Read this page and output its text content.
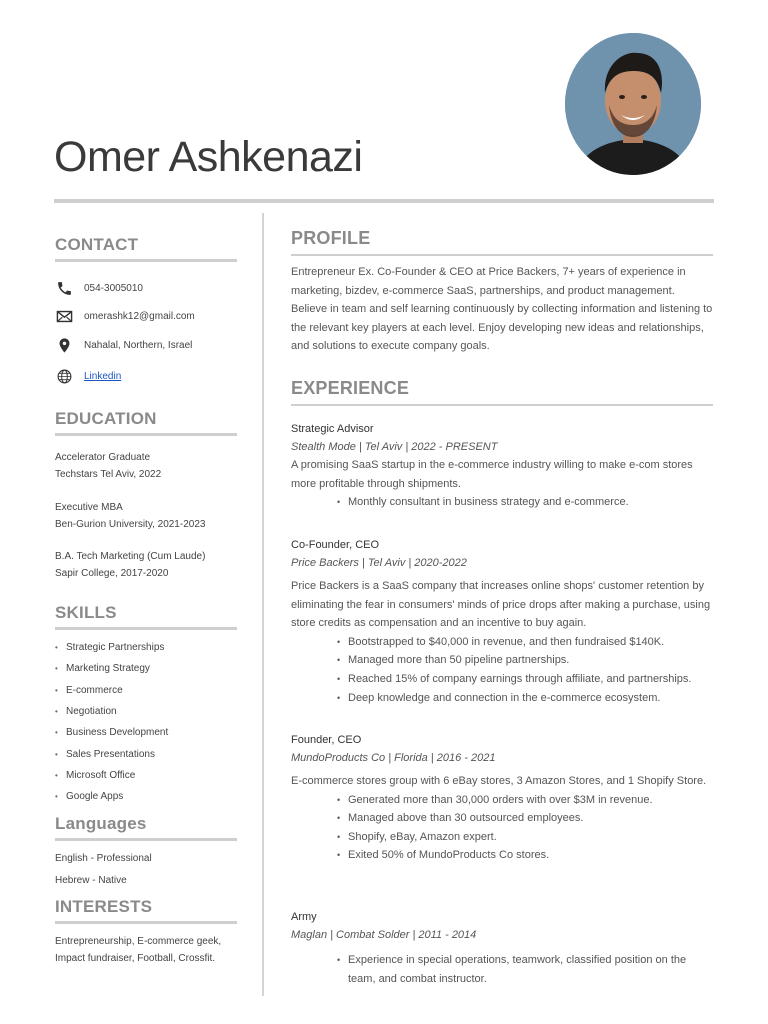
Omer Ashkenazi
CONTACT
054-3005010
omerashk12@gmail.com
Nahalal, Northern, Israel
Linkedin
EDUCATION
Accelerator Graduate
Techstars Tel Aviv, 2022
Executive MBA
Ben-Gurion University, 2021-2023
B.A. Tech Marketing (Cum Laude)
Sapir College, 2017-2020
SKILLS
• Strategic Partnerships
• Marketing Strategy
• E-commerce
• Negotiation
• Business Development
• Sales Presentations
• Microsoft Office
• Google Apps
Languages
English - Professional
Hebrew - Native
INTERESTS
Entrepreneurship, E-commerce geek,
Impact fundraiser, Football, Crossfit.
PROFILE
Entrepreneur Ex. Co-Founder & CEO at Price Backers, 7+ years of experience in marketing, bizdev, e-commerce SaaS, partnerships, and product management. Believe in team and self learning continuously by collecting information and listening to the relevant key players at each level. Enjoy developing new ideas and relationships, and solutions to execute company goals.
EXPERIENCE
Strategic Advisor
Stealth Mode | Tel Aviv | 2022 - PRESENT
A promising SaaS startup in the e-commerce industry willing to make e-com stores more profitable through shipments.
• Monthly consultant in business strategy and e-commerce.
Co-Founder, CEO
Price Backers | Tel Aviv | 2020-2022
Price Backers is a SaaS company that increases online shops' customer retention by eliminating the fear in consumers' minds of price drops after making a purchase, using store credits as compensation and an incentive to buy again.
• Bootstrapped to $40,000 in revenue, and then fundraised $140K.
• Managed more than 50 pipeline partnerships.
• Reached 15% of company earnings through affiliate, and partnerships.
• Deep knowledge and connection in the e-commerce ecosystem.
Founder, CEO
MundoProducts Co | Florida | 2016 - 2021
E-commerce stores group with 6 eBay stores, 3 Amazon Stores, and 1 Shopify Store.
• Generated more than 30,000 orders with over $3M in revenue.
• Managed above than 30 outsourced employees.
• Shopify, eBay, Amazon expert.
• Exited 50% of MundoProducts Co stores.
Army
Maglan | Combat Solder | 2011 - 2014
• Experience in special operations, teamwork, classified position on the team, and combat instructor.
